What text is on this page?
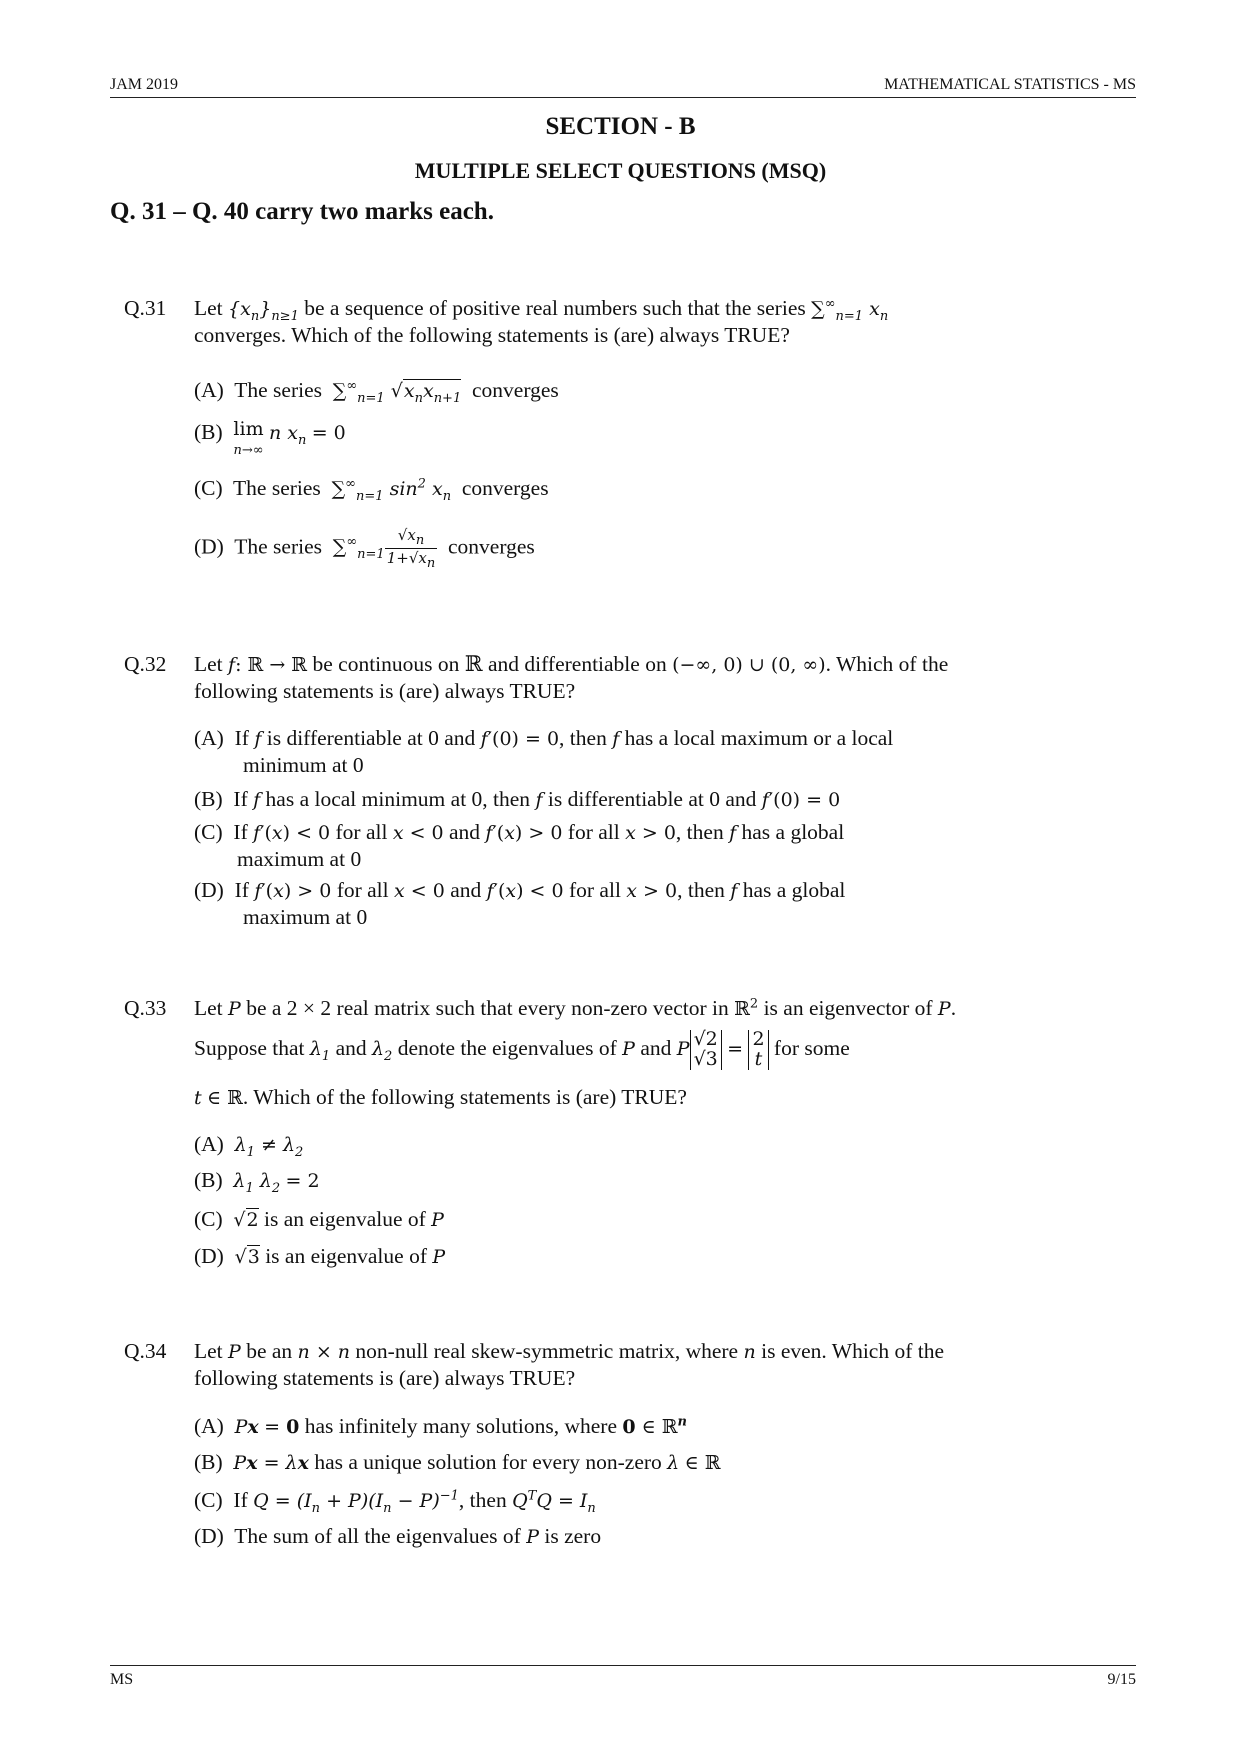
JAM 2019	MATHEMATICAL STATISTICS - MS
SECTION - B
MULTIPLE SELECT QUESTIONS (MSQ)
Q. 31 – Q. 40 carry two marks each.
Q.31 Let $\{x_n\}_{n\ge 1}$ be a sequence of positive real numbers such that the series $\sum^\infty_{n=1}$ $x_n$
converges. Which of the following statements is (are) always TRUE?
(A) The series $\sum^\infty_{n=1}$ $√x_nx_{n+1}$ converges
(B) lim
n→∞ n $x_n = 0$
(C) The series $\sum^\infty_{n=1}$ $\sin^2 x_n$ converges
(D) The series $\sum^\infty_{n=1} \frac{√x_n}{1+√x_n}$ converges
Q.32 Let f: ℝ → ℝ be continuous on ℝ and differentiable on (−∞, 0) ∪ (0, ∞). Which of the
following statements is (are) always TRUE?
(A) If f is differentiable at 0 and f′(0) = 0, then f has a local maximum or a local
minimum at 0
(B) If f has a local minimum at 0, then f is differentiable at 0 and f′(0) = 0
(C) If f′(x) < 0 for all x < 0 and f′(x) > 0 for all x > 0, then f has a global
maximum at 0
(D) If f′(x) > 0 for all x < 0 and f′(x) < 0 for all x > 0, then f has a global
maximum at 0
Q.33 Let P be a 2 × 2 real matrix such that every non-zero vector in ℝ$^2$ is an eigenvector of P.
Suppose that $\lambda_1$ and $\lambda_2$ denote the eigenvalues of P and P √2
√3 = 2
t for some
t ∈ ℝ. Which of the following statements is (are) TRUE?
(A) $\lambda_1 \ne \lambda_2$
(B) $\lambda_1$ $\lambda_2 = 2$
(C) √2 is an eigenvalue of P
(D) √3 is an eigenvalue of P
Q.34 Let P be an n × n non-null real skew-symmetric matrix, where n is even. Which of the
following statements is (are) always TRUE?
(A) Px = 0 has infinitely many solutions, where 0 ∈ ℝ$^n$
(B) Px = λx has a unique solution for every non-zero λ ∈ ℝ
(C) If $Q = (I_n + P)(I_n - P)^{-1}$, then $Q^TQ = I_n$
(D) The sum of all the eigenvalues of P is zero
MS	9/15
